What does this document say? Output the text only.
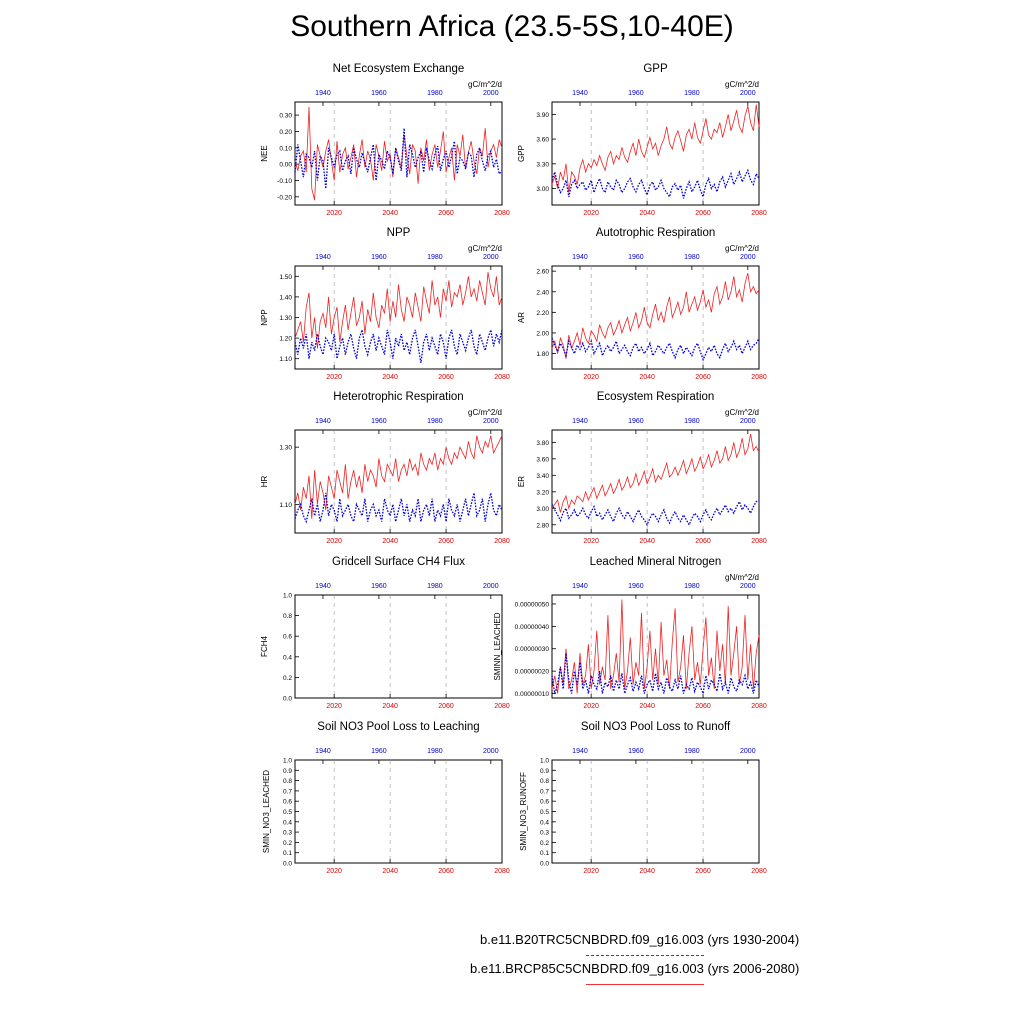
Southern Africa (23.5-5S,10-40E)
Net Ecosystem Exchange
gC/m^2/d
2020	2040	2060	2080
1940	1960	1980	2000
-0.20
-0.10
0.00
0.10
0.20
0.30
NEE
GPP
gC/m^2/d
2020	2040	2060	2080
1940	1960	1980	2000
3.00
3.30
3.60
3.90
GPP
NPP
gC/m^2/d
2020	2040	2060	2080
1940	1960	1980	2000
1.10
1.20
1.30
1.40
1.50
NPP
Autotrophic Respiration
gC/m^2/d
2020	2040	2060	2080
1940	1960	1980	2000
1.80
2.00
2.20
2.40
2.60
AR
Heterotrophic Respiration
gC/m^2/d
2020	2040	2060	2080
1940	1960	1980	2000
1.10
1.30
HR
Ecosystem Respiration
gC/m^2/d
2020	2040	2060	2080
1940	1960	1980	2000
2.80
3.00
3.20
3.40
3.60
3.80
ER
Gridcell Surface CH4 Flux
2020	2040	2060	2080
1940	1960	1980	2000
0.0
0.2
0.4
0.6
0.8
1.0
FCH4
Leached Mineral Nitrogen
gN/m^2/d
2020	2040	2060	2080
1940	1960	1980	2000
0.00000010
0.00000020
0.00000030
0.00000040
0.00000050
SMINN_LEACHED
Soil NO3 Pool Loss to Leaching
2020	2040	2060	2080
1940	1960	1980	2000
0.0
0.1
0.2
0.3
0.4
0.5
0.6
0.7
0.8
0.9
1.0
SMIN_NO3_LEACHED
Soil NO3 Pool Loss to Runoff
2020	2040	2060	2080
1940	1960	1980	2000
0.0
0.1
0.2
0.3
0.4
0.5
0.6
0.7
0.8
0.9
1.0
SMIN_NO3_RUNOFF
b.e11.B20TRC5CNBDRD.f09_g16.003 (yrs 1930-2004)
b.e11.BRCP85C5CNBDRD.f09_g16.003 (yrs 2006-2080)
